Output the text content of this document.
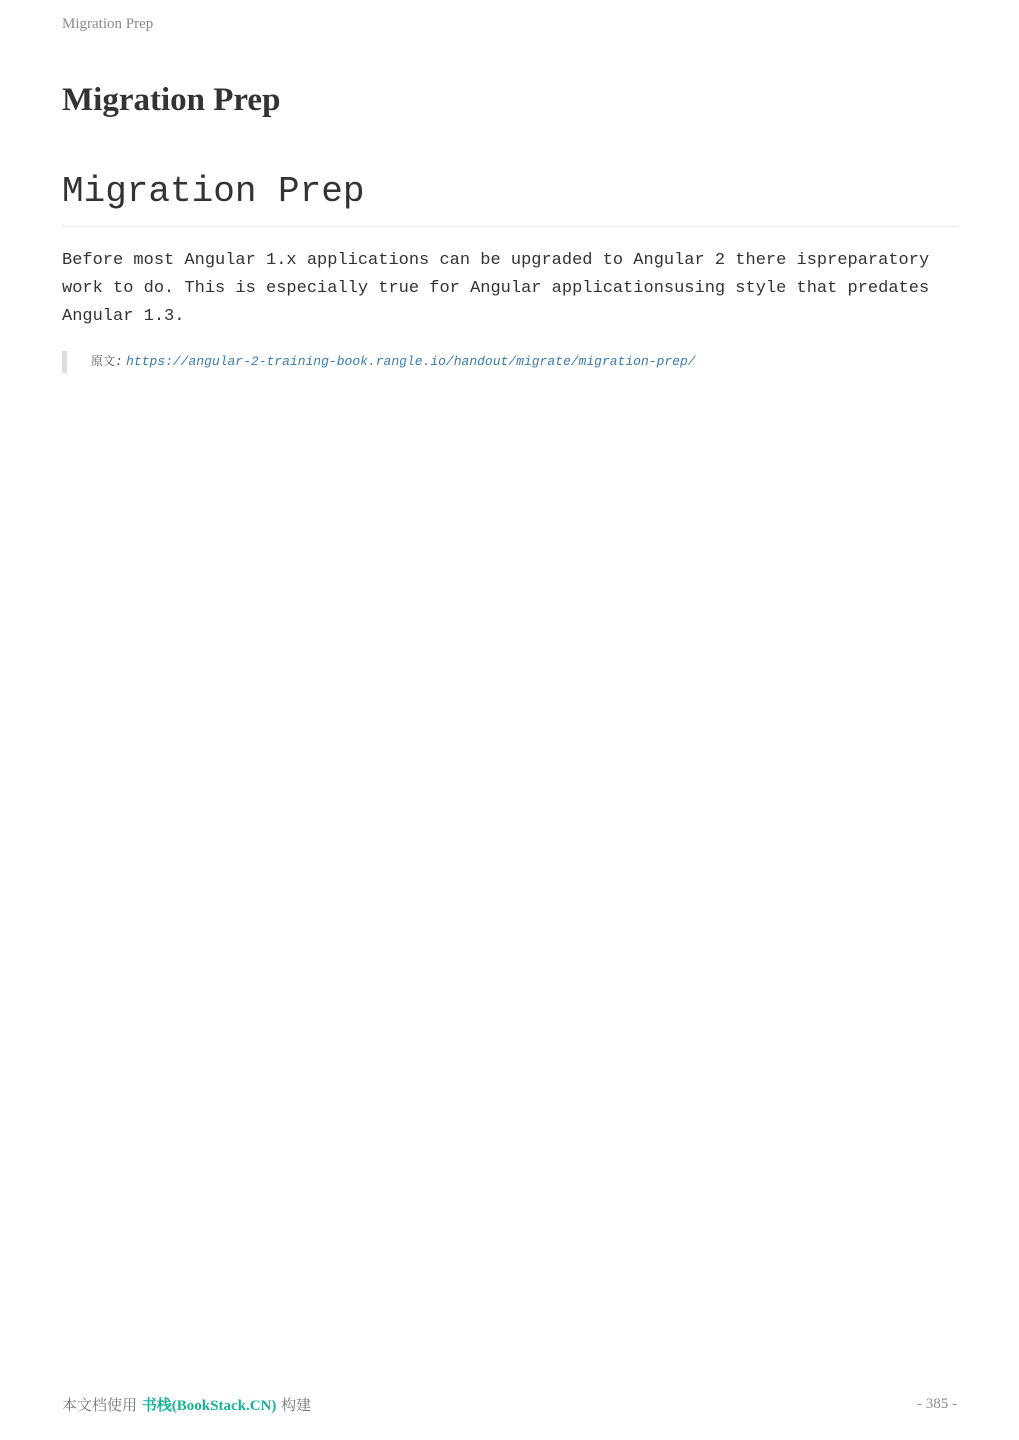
Migration Prep
Migration Prep
Migration Prep

Before most Angular 1.x applications can be upgraded to Angular 2 there ispreparatory work to do. This is especially true for Angular applicationsusing style that predates Angular 1.3.

原文: https://angular-2-training-book.rangle.io/handout/migrate/migration-prep/
本文档使用 书栈(BookStack.CN) 构建	- 385 -
